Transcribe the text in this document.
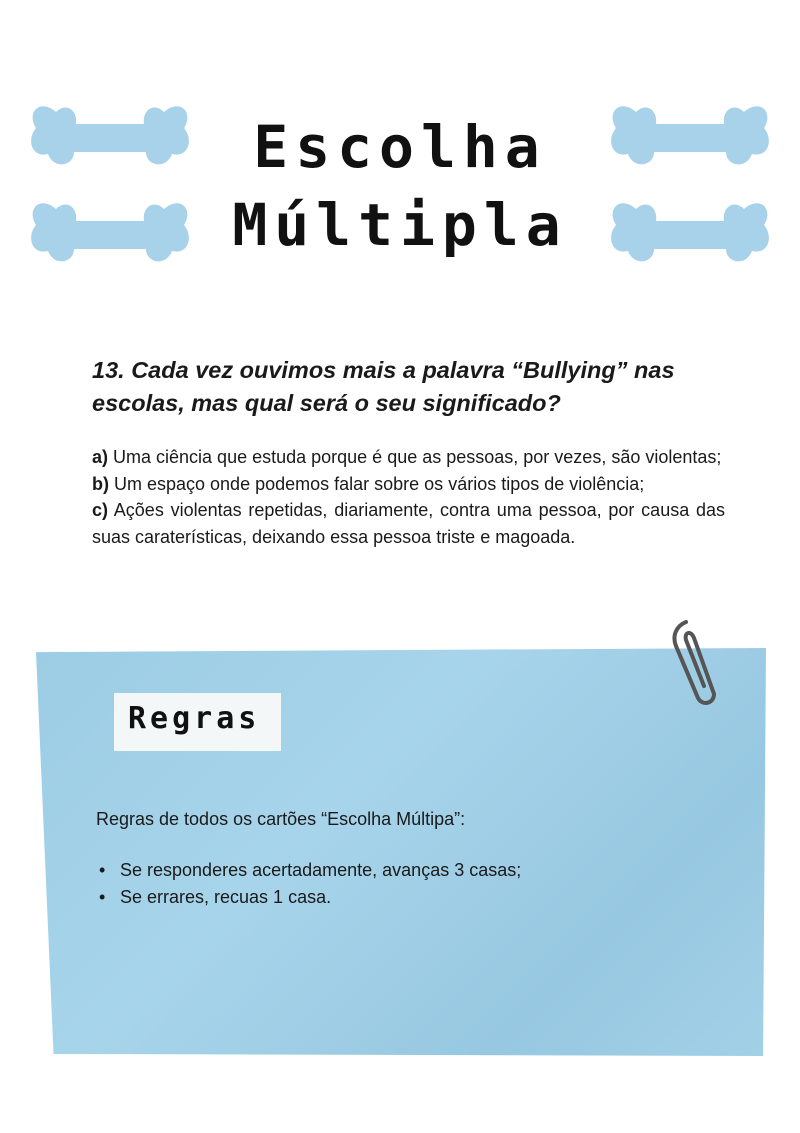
Escolha
Múltipla

13. Cada vez ouvimos mais a palavra “Bullying” nas escolas, mas qual será o seu significado?

a) Uma ciência que estuda porque é que as pessoas, por vezes, são violentas;

b) Um espaço onde podemos falar sobre os vários tipos de violência;

c) Ações violentas repetidas, diariamente, contra uma pessoa, por causa das suas caraterísticas, deixando essa pessoa triste e magoada.

Regras

Regras de todos os cartões “Escolha Múltipa”:

• Se responderes acertadamente, avanças 3 casas;
• Se errares, recuas 1 casa.
